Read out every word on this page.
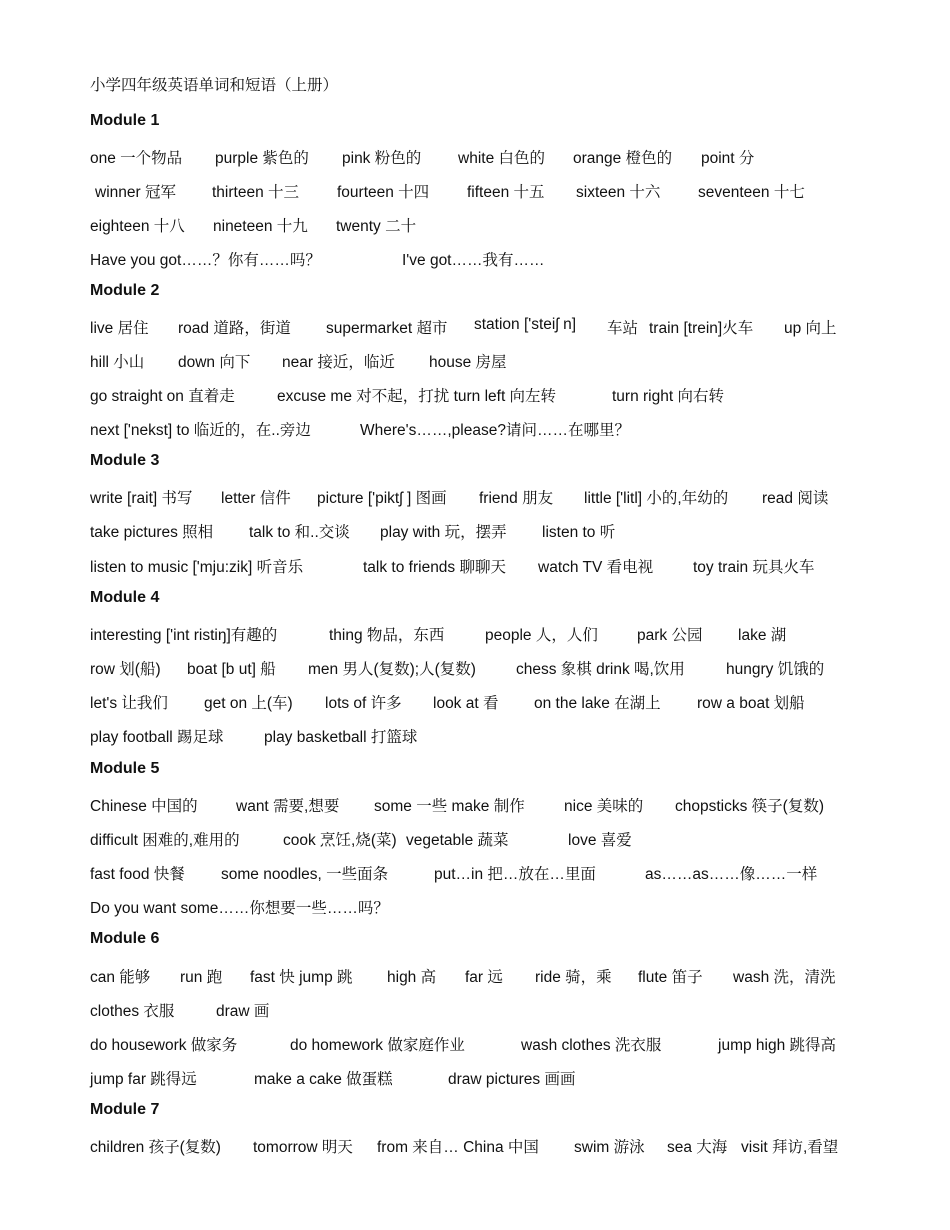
小学四年级英语单词和短语（上册）
Module 1
one 一个物品 purple 紫色的 pink 粉色的 white 白色的 orange 橙色的 point 分
winner 冠军 thirteen 十三 fourteen 十四 fifteen 十五 sixteen 十六 seventeen 十七
eighteen 十八 nineteen 十九 twenty 二十
Have you got……？你有……吗？	I've got……我有……
Module 2
live 居住 road 道路，街道 supermarket 超市 station ['steiʃ n] 车站 train [trein]火车 up 向上
hill 小山 down 向下 near 接近，临近 house 房屋
go straight on 直着走	excuse me 对不起，打扰 turn left 向左转	turn right 向右转
next ['nekst] to 临近的，在..旁边	Where's……,please?请问……在哪里？
Module 3
write [rait] 书写 letter 信件 picture ['piktʃ ] 图画 friend 朋友 little ['litl] 小的,年幼的 read 阅读
take pictures 照相 talk to 和..交谈 play with 玩，摆弄 listen to 听
listen to music ['mju:zik] 听音乐	talk to friends 聊聊天 watch TV 看电视	toy train 玩具火车
Module 4
interesting ['int ristiŋ]有趣的	thing 物品，东西	people 人，人们	park 公园 lake 湖
row 划(船) boat [b ut] 船 men 男人(复数);人(复数)	chess 象棋 drink 喝,饮用	hungry 饥饿的
let's 让我们 get on 上(车) lots of 许多 look at 看 on the lake 在湖上 row a boat 划船
play football 踢足球	play basketball 打篮球
Module 5
Chinese 中国的 want 需要,想要 some 一些 make 制作	nice 美味的 chopsticks 筷子(复数)
difficult 困难的,难用的	cook 烹饪,烧(菜) vegetable 蔬菜	love 喜爱
fast food 快餐 some noodles, 一些面条	put…in 把…放在…里面	as……as……像……一样
Do you want some……你想要一些……吗？
Module 6
can 能够 run 跑 fast 快 jump 跳 high 高 far 远 ride 骑，乘 flute 笛子 wash 洗，清洗
clothes 衣服	draw 画
do housework 做家务	do homework 做家庭作业	wash clothes 洗衣服	jump high 跳得高
jump far 跳得远	make a cake 做蛋糕	draw pictures 画画
Module 7
children 孩子(复数) tomorrow 明天 from 来自… China 中国 swim 游泳 sea 大海 visit 拜访,看望
